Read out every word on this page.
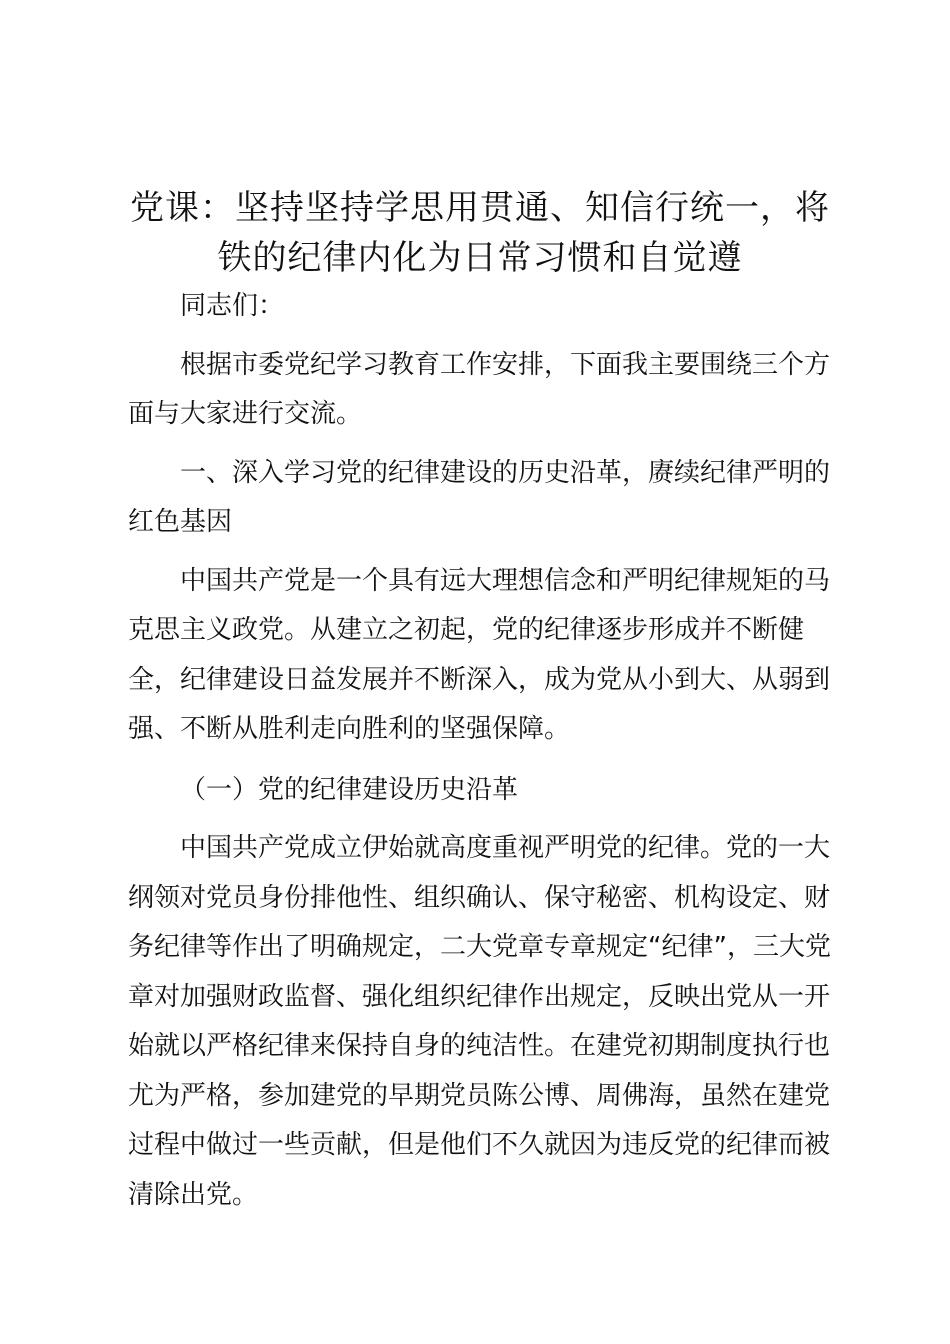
党课：坚持坚持学思用贯通、知信行统一，将
铁的纪律内化为日常习惯和自觉遵

同志们：

根据市委党纪学习教育工作安排，下面我主要围绕三个方面与大家进行交流。

一、深入学习党的纪律建设的历史沿革，赓续纪律严明的红色基因

中国共产党是一个具有远大理想信念和严明纪律规矩的马克思主义政党。从建立之初起，党的纪律逐步形成并不断健全，纪律建设日益发展并不断深入，成为党从小到大、从弱到强、不断从胜利走向胜利的坚强保障。

（一）党的纪律建设历史沿革

中国共产党成立伊始就高度重视严明党的纪律。党的一大纲领对党员身份排他性、组织确认、保守秘密、机构设定、财务纪律等作出了明确规定，二大党章专章规定“纪律”，三大党章对加强财政监督、强化组织纪律作出规定，反映出党从一开始就以严格纪律来保持自身的纯洁性。在建党初期制度执行也尤为严格，参加建党的早期党员陈公博、周佛海，虽然在建党过程中做过一些贡献，但是他们不久就因为违反党的纪律而被清除出党。
